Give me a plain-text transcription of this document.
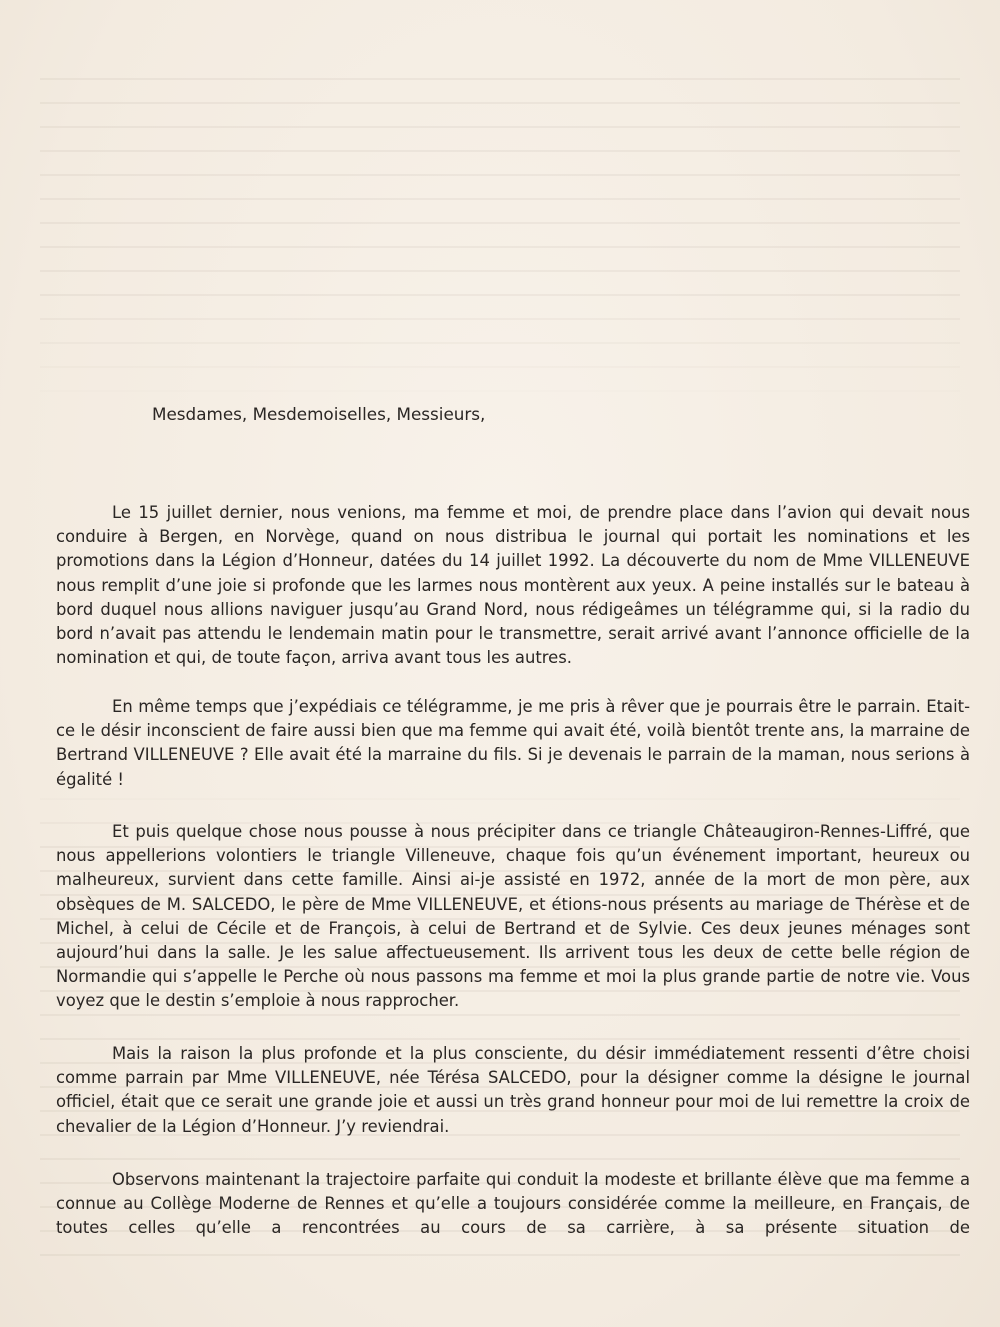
Mesdames, Mesdemoiselles, Messieurs,

Le 15 juillet dernier, nous venions, ma femme et moi, de prendre place dans l’avion qui devait nous conduire à Bergen, en Norvège, quand on nous distribua le journal qui portait les nominations et les promotions dans la Légion d’Honneur, datées du 14 juillet 1992. La découverte du nom de Mme VILLENEUVE nous remplit d’une joie si profonde que les larmes nous montèrent aux yeux. A peine installés sur le bateau à bord duquel nous allions naviguer jusqu’au Grand Nord, nous rédigeâmes un télégramme qui, si la radio du bord n’avait pas attendu le lendemain matin pour le transmettre, serait arrivé avant l’annonce officielle de la nomination et qui, de toute façon, arriva avant tous les autres.

En même temps que j’expédiais ce télégramme, je me pris à rêver que je pourrais être le parrain. Etait-ce le désir inconscient de faire aussi bien que ma femme qui avait été, voilà bientôt trente ans, la marraine de Bertrand VILLENEUVE ? Elle avait été la marraine du fils. Si je devenais le parrain de la maman, nous serions à égalité !

Et puis quelque chose nous pousse à nous précipiter dans ce triangle Châteaugiron-Rennes-Liffré, que nous appellerions volontiers le triangle Villeneuve, chaque fois qu’un événement important, heureux ou malheureux, survient dans cette famille. Ainsi ai-je assisté en 1972, année de la mort de mon père, aux obsèques de M. SALCEDO, le père de Mme VILLENEUVE, et étions-nous présents au mariage de Thérèse et de Michel, à celui de Cécile et de François, à celui de Bertrand et de Sylvie. Ces deux jeunes ménages sont aujourd’hui dans la salle. Je les salue affectueusement. Ils arrivent tous les deux de cette belle région de Normandie qui s’appelle le Perche où nous passons ma femme et moi la plus grande partie de notre vie. Vous voyez que le destin s’emploie à nous rapprocher.

Mais la raison la plus profonde et la plus consciente, du désir immédiatement ressenti d’être choisi comme parrain par Mme VILLENEUVE, née Térésa SALCEDO, pour la désigner comme la désigne le journal officiel, était que ce serait une grande joie et aussi un très grand honneur pour moi de lui remettre la croix de chevalier de la Légion d’Honneur. J’y reviendrai.

Observons maintenant la trajectoire parfaite qui conduit la modeste et brillante élève que ma femme a connue au Collège Moderne de Rennes et qu’elle a toujours considérée comme la meilleure, en Français, de toutes celles qu’elle a rencontrées au cours de sa carrière, à sa présente situation de
